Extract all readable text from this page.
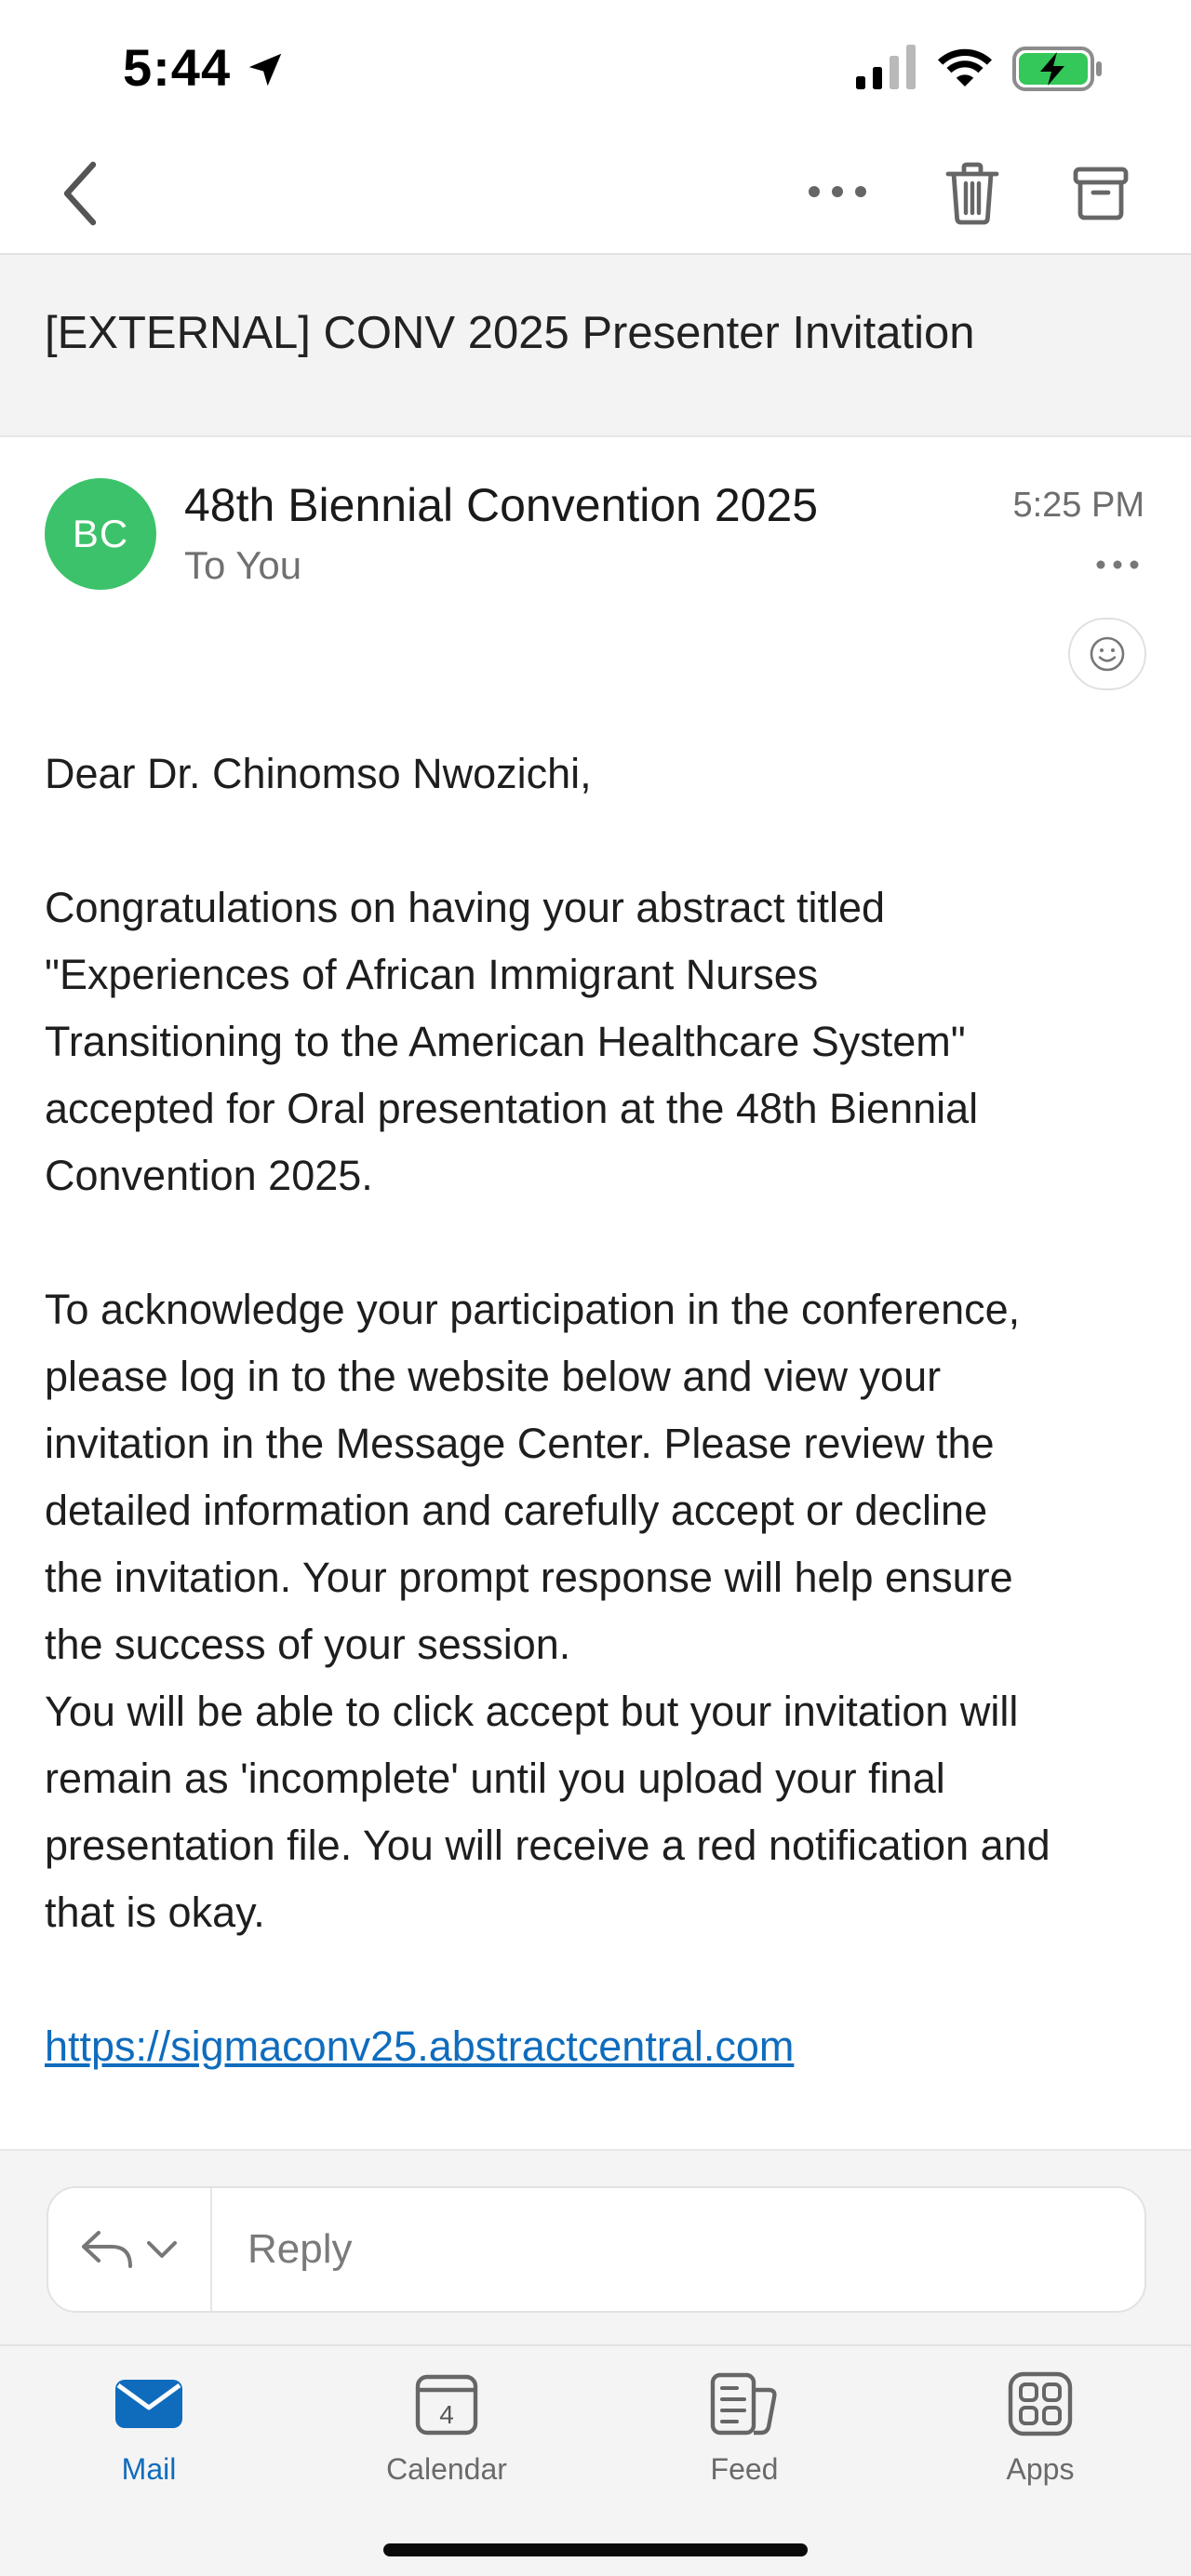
5:44
[EXTERNAL] CONV 2025 Presenter Invitation
BC
48th Biennial Convention 2025
To You
5:25 PM

Dear Dr. Chinomso Nwozichi,

Congratulations on having your abstract titled
"Experiences of African Immigrant Nurses
Transitioning to the American Healthcare System"
accepted for Oral presentation at the 48th Biennial
Convention 2025.

To acknowledge your participation in the conference,
please log in to the website below and view your
invitation in the Message Center. Please review the
detailed information and carefully accept or decline
the invitation. Your prompt response will help ensure
the success of your session.

You will be able to click accept but your invitation will
remain as 'incomplete' until you upload your final
presentation file. You will receive a red notification and
that is okay.

https://sigmaconv25.abstractcentral.com

Reply
Mail
4
Calendar	Feed	Apps
